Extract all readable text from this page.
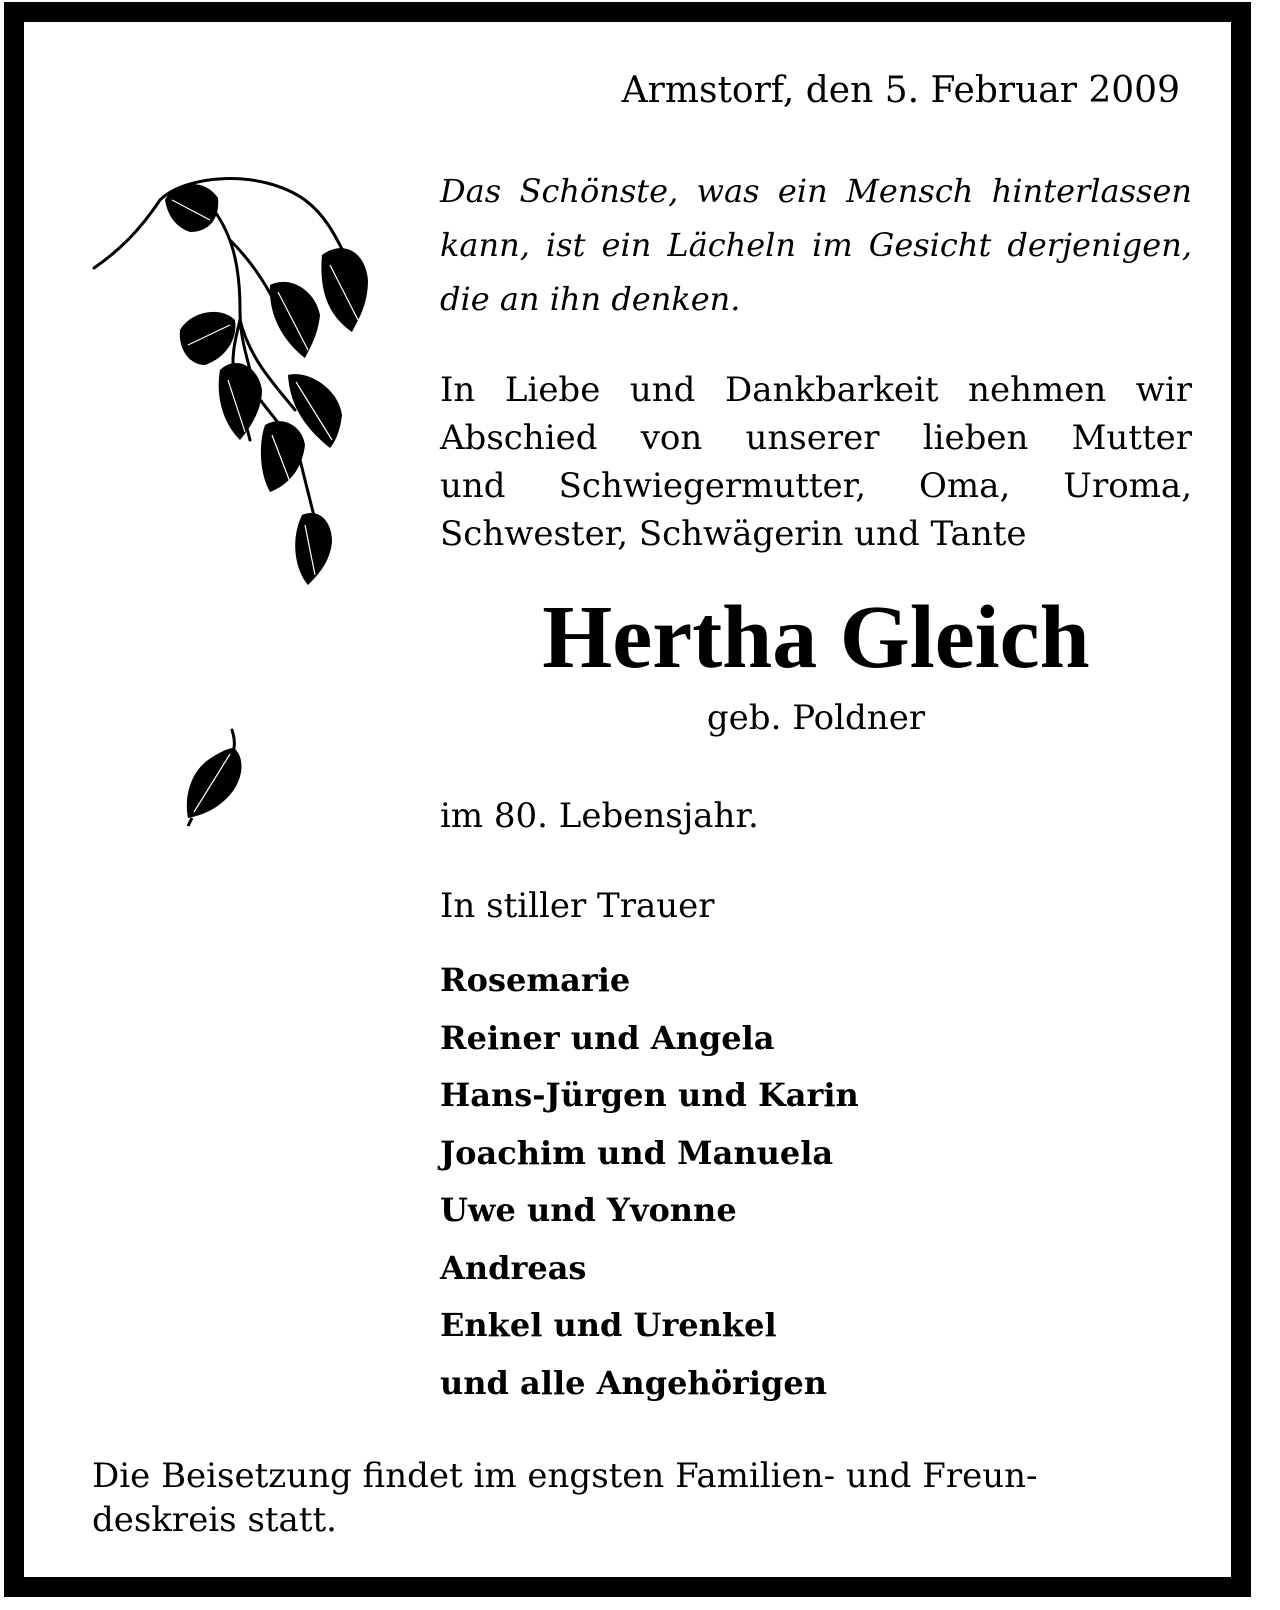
Armstorf, den 5. Februar 2009

Das Schönste, was ein Mensch hinterlassen
kann, ist ein Lächeln im Gesicht derjenigen,
die an ihn denken.

In Liebe und Dankbarkeit nehmen wir
Abschied von unserer lieben Mutter
und Schwiegermutter, Oma, Uroma,
Schwester, Schwägerin und Tante

Hertha Gleich
geb. Poldner
im 80. Lebensjahr.
In stiller Trauer
Rosemarie
Reiner und Angela
Hans-Jürgen und Karin
Joachim und Manuela
Uwe und Yvonne
Andreas
Enkel und Urenkel
und alle Angehörigen

Die Beisetzung findet im engsten Familien- und Freun-
deskreis statt.
